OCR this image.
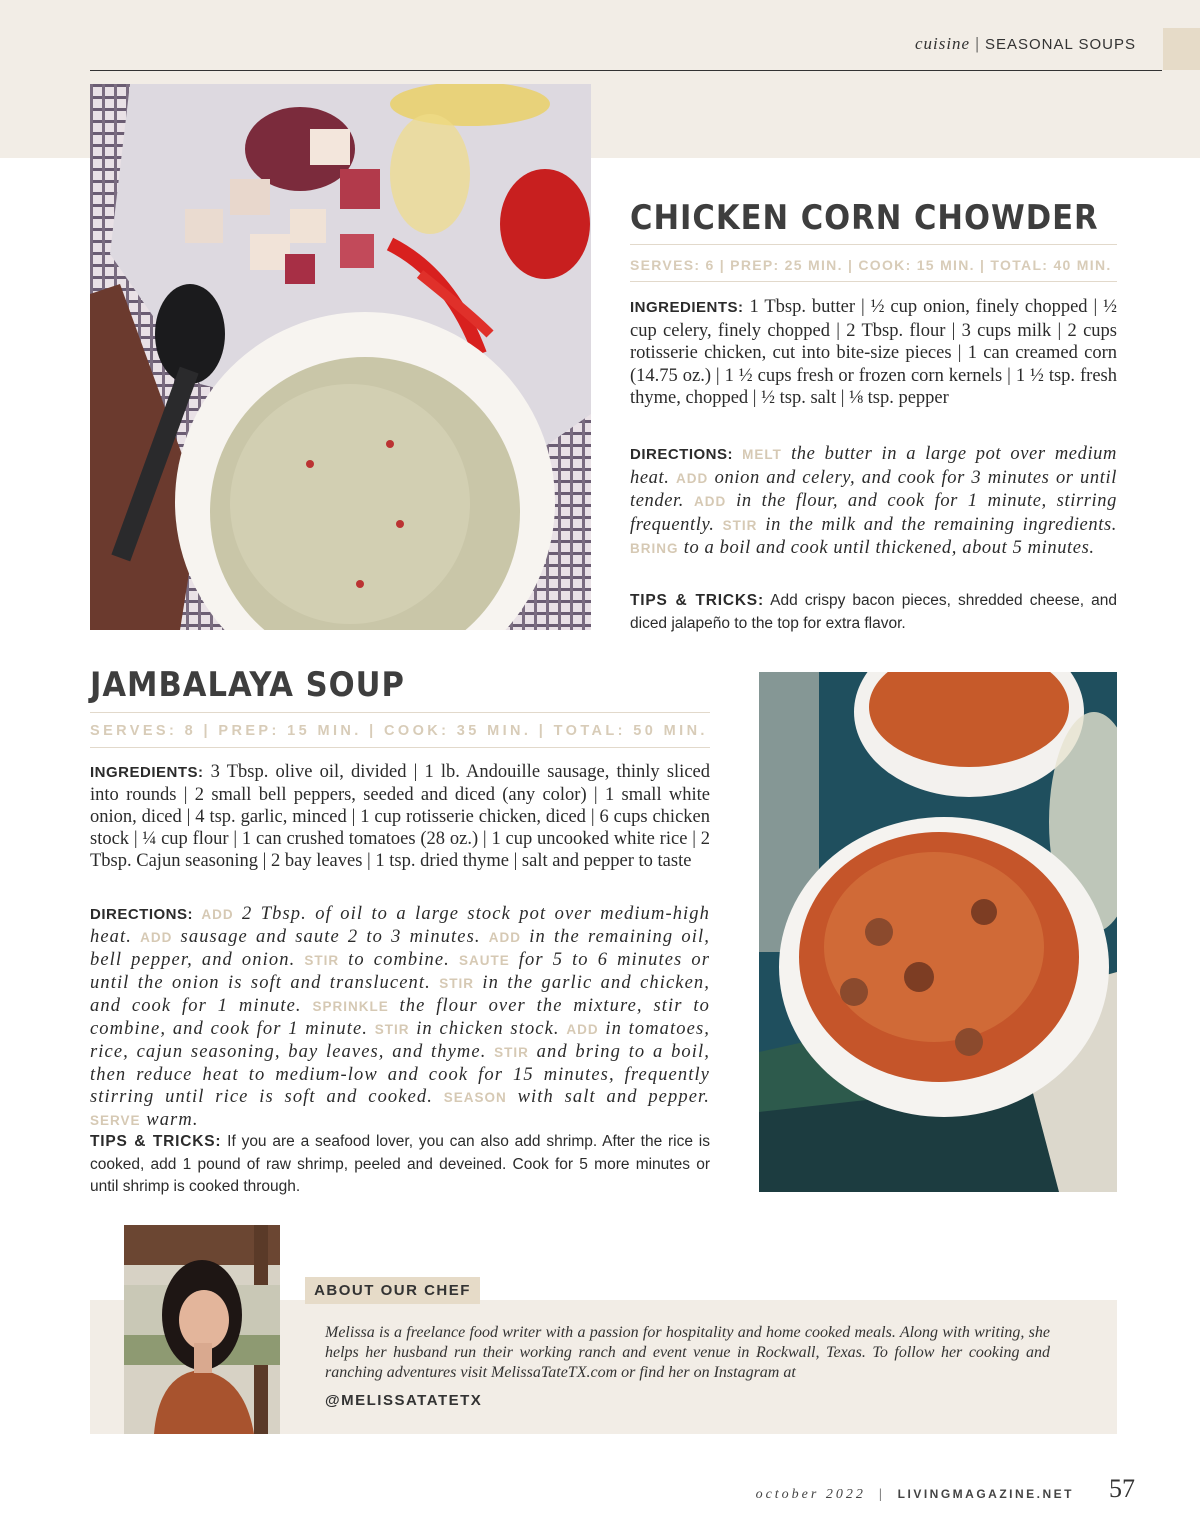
cuisine | SEASONAL SOUPS
CHICKEN CORN CHOWDER
SERVES: 6 | PREP: 25 MIN. | COOK: 15 MIN. | TOTAL: 40 MIN.

INGREDIENTS: 1 Tbsp. butter | ½ cup onion, finely chopped | ½ cup celery, finely chopped | 2 Tbsp. flour | 3 cups milk | 2 cups rotisserie chicken, cut into bite-size pieces | 1 can creamed corn (14.75 oz.) | 1 ½ cups fresh or frozen corn kernels | 1 ½ tsp. fresh thyme, chopped | ½ tsp. salt | ⅛ tsp. pepper

DIRECTIONS: MELT the butter in a large pot over medium heat. ADD onion and celery, and cook for 3 minutes or until tender. ADD in the flour, and cook for 1 minute, stirring frequently. STIR in the milk and the remaining ingredients. BRING to a boil and cook until thickened, about 5 minutes.

TIPS & TRICKS: Add crispy bacon pieces, shredded cheese, and diced jalapeño to the top for extra flavor.

JAMBALAYA SOUP
SERVES: 8 | PREP: 15 MIN. | COOK: 35 MIN. | TOTAL: 50 MIN.

INGREDIENTS: 3 Tbsp. olive oil, divided | 1 lb. Andouille sausage, thinly sliced into rounds | 2 small bell peppers, seeded and diced (any color) | 1 small white onion, diced | 4 tsp. garlic, minced | 1 cup rotisserie chicken, diced | 6 cups chicken stock | ¼ cup flour | 1 can crushed tomatoes (28 oz.) | 1 cup uncooked white rice | 2 Tbsp. Cajun seasoning | 2 bay leaves | 1 tsp. dried thyme | salt and pepper to taste

DIRECTIONS: ADD 2 Tbsp. of oil to a large stock pot over medium-high heat. ADD sausage and saute 2 to 3 minutes. ADD in the remaining oil, bell pepper, and onion. STIR to combine. SAUTE for 5 to 6 minutes or until the onion is soft and translucent. STIR in the garlic and chicken, and cook for 1 minute. SPRINKLE the flour over the mixture, stir to combine, and cook for 1 minute. STIR in chicken stock. ADD in tomatoes, rice, cajun seasoning, bay leaves, and thyme. STIR and bring to a boil, then reduce heat to medium-low and cook for 15 minutes, frequently stirring until rice is soft and cooked. SEASON with salt and pepper. SERVE warm.

TIPS & TRICKS: If you are a seafood lover, you can also add shrimp. After the rice is cooked, add 1 pound of raw shrimp, peeled and deveined. Cook for 5 more minutes or until shrimp is cooked through.

ABOUT OUR CHEF

Melissa is a freelance food writer with a passion for hospitality and home cooked meals. Along with writing, she helps her husband run their working ranch and event venue in Rockwall, Texas. To follow her cooking and ranching adventures visit MelissaTateTX.com or find her on Instagram at

@MELISSATATETX
october 2022 | LIVINGMAGAZINE.NET 57
